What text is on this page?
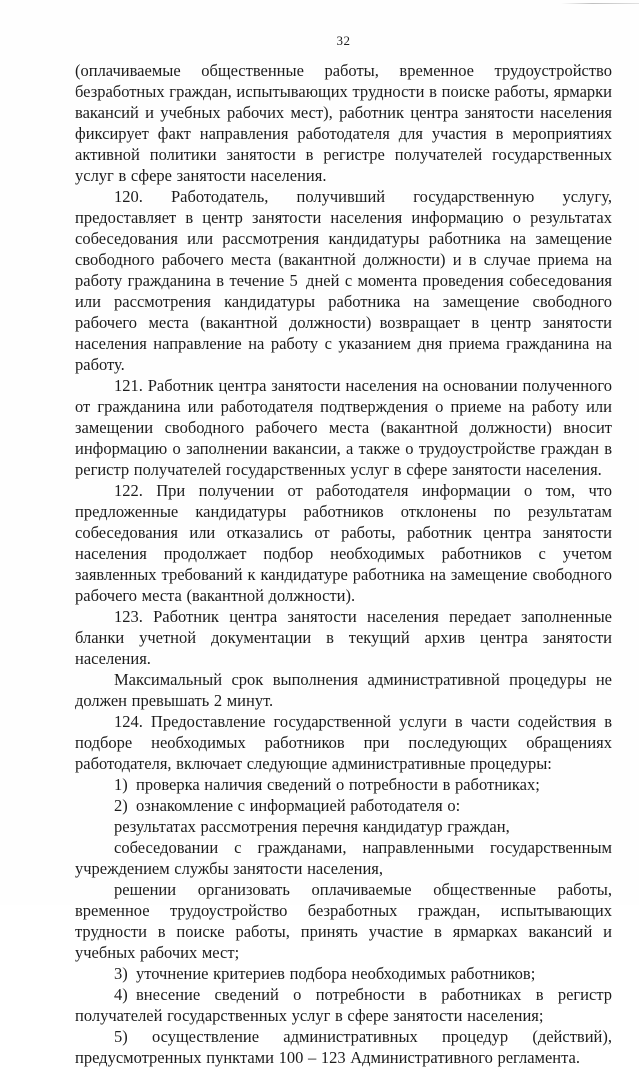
32

(оплачиваемые общественные работы, временное трудоустройство безработных граждан, испытывающих трудности в поиске работы, ярмарки вакансий и учебных рабочих мест), работник центра занятости населения фиксирует факт направления работодателя для участия в мероприятиях активной политики занятости в регистре получателей государственных услуг в сфере занятости населения.

120. Работодатель, получивший государственную услугу, предоставляет в центр занятости населения информацию о результатах собеседования или рассмотрения кандидатуры работника на замещение свободного рабочего места (вакантной должности) и в случае приема на работу гражданина в течение 5 дней с момента проведения собеседования или рассмотрения кандидатуры работника на замещение свободного рабочего места (вакантной должности) возвращает в центр занятости населения направление на работу с указанием дня приема гражданина на работу.

121. Работник центра занятости населения на основании полученного от гражданина или работодателя подтверждения о приеме на работу или замещении свободного рабочего места (вакантной должности) вносит информацию о заполнении вакансии, а также о трудоустройстве граждан в регистр получателей государственных услуг в сфере занятости населения.

122. При получении от работодателя информации о том, что предложенные кандидатуры работников отклонены по результатам собеседования или отказались от работы, работник центра занятости населения продолжает подбор необходимых работников с учетом заявленных требований к кандидатуре работника на замещение свободного рабочего места (вакантной должности).

123. Работник центра занятости населения передает заполненные бланки учетной документации в текущий архив центра занятости населения.

Максимальный срок выполнения административной процедуры не должен превышать 2 минут.

124. Предоставление государственной услуги в части содействия в подборе необходимых работников при последующих обращениях работодателя, включает следующие административные процедуры:

1) проверка наличия сведений о потребности в работниках;

2) ознакомление с информацией работодателя о:

результатах рассмотрения перечня кандидатур граждан,

собеседовании с гражданами, направленными государственным учреждением службы занятости населения,

решении организовать оплачиваемые общественные работы, временное трудоустройство безработных граждан, испытывающих трудности в поиске работы, принять участие в ярмарках вакансий и учебных рабочих мест;

3) уточнение критериев подбора необходимых работников;

4) внесение сведений о потребности в работниках в регистр получателей государственных услуг в сфере занятости населения;

5) осуществление административных процедур (действий), предусмотренных пунктами 100 – 123 Административного регламента.
